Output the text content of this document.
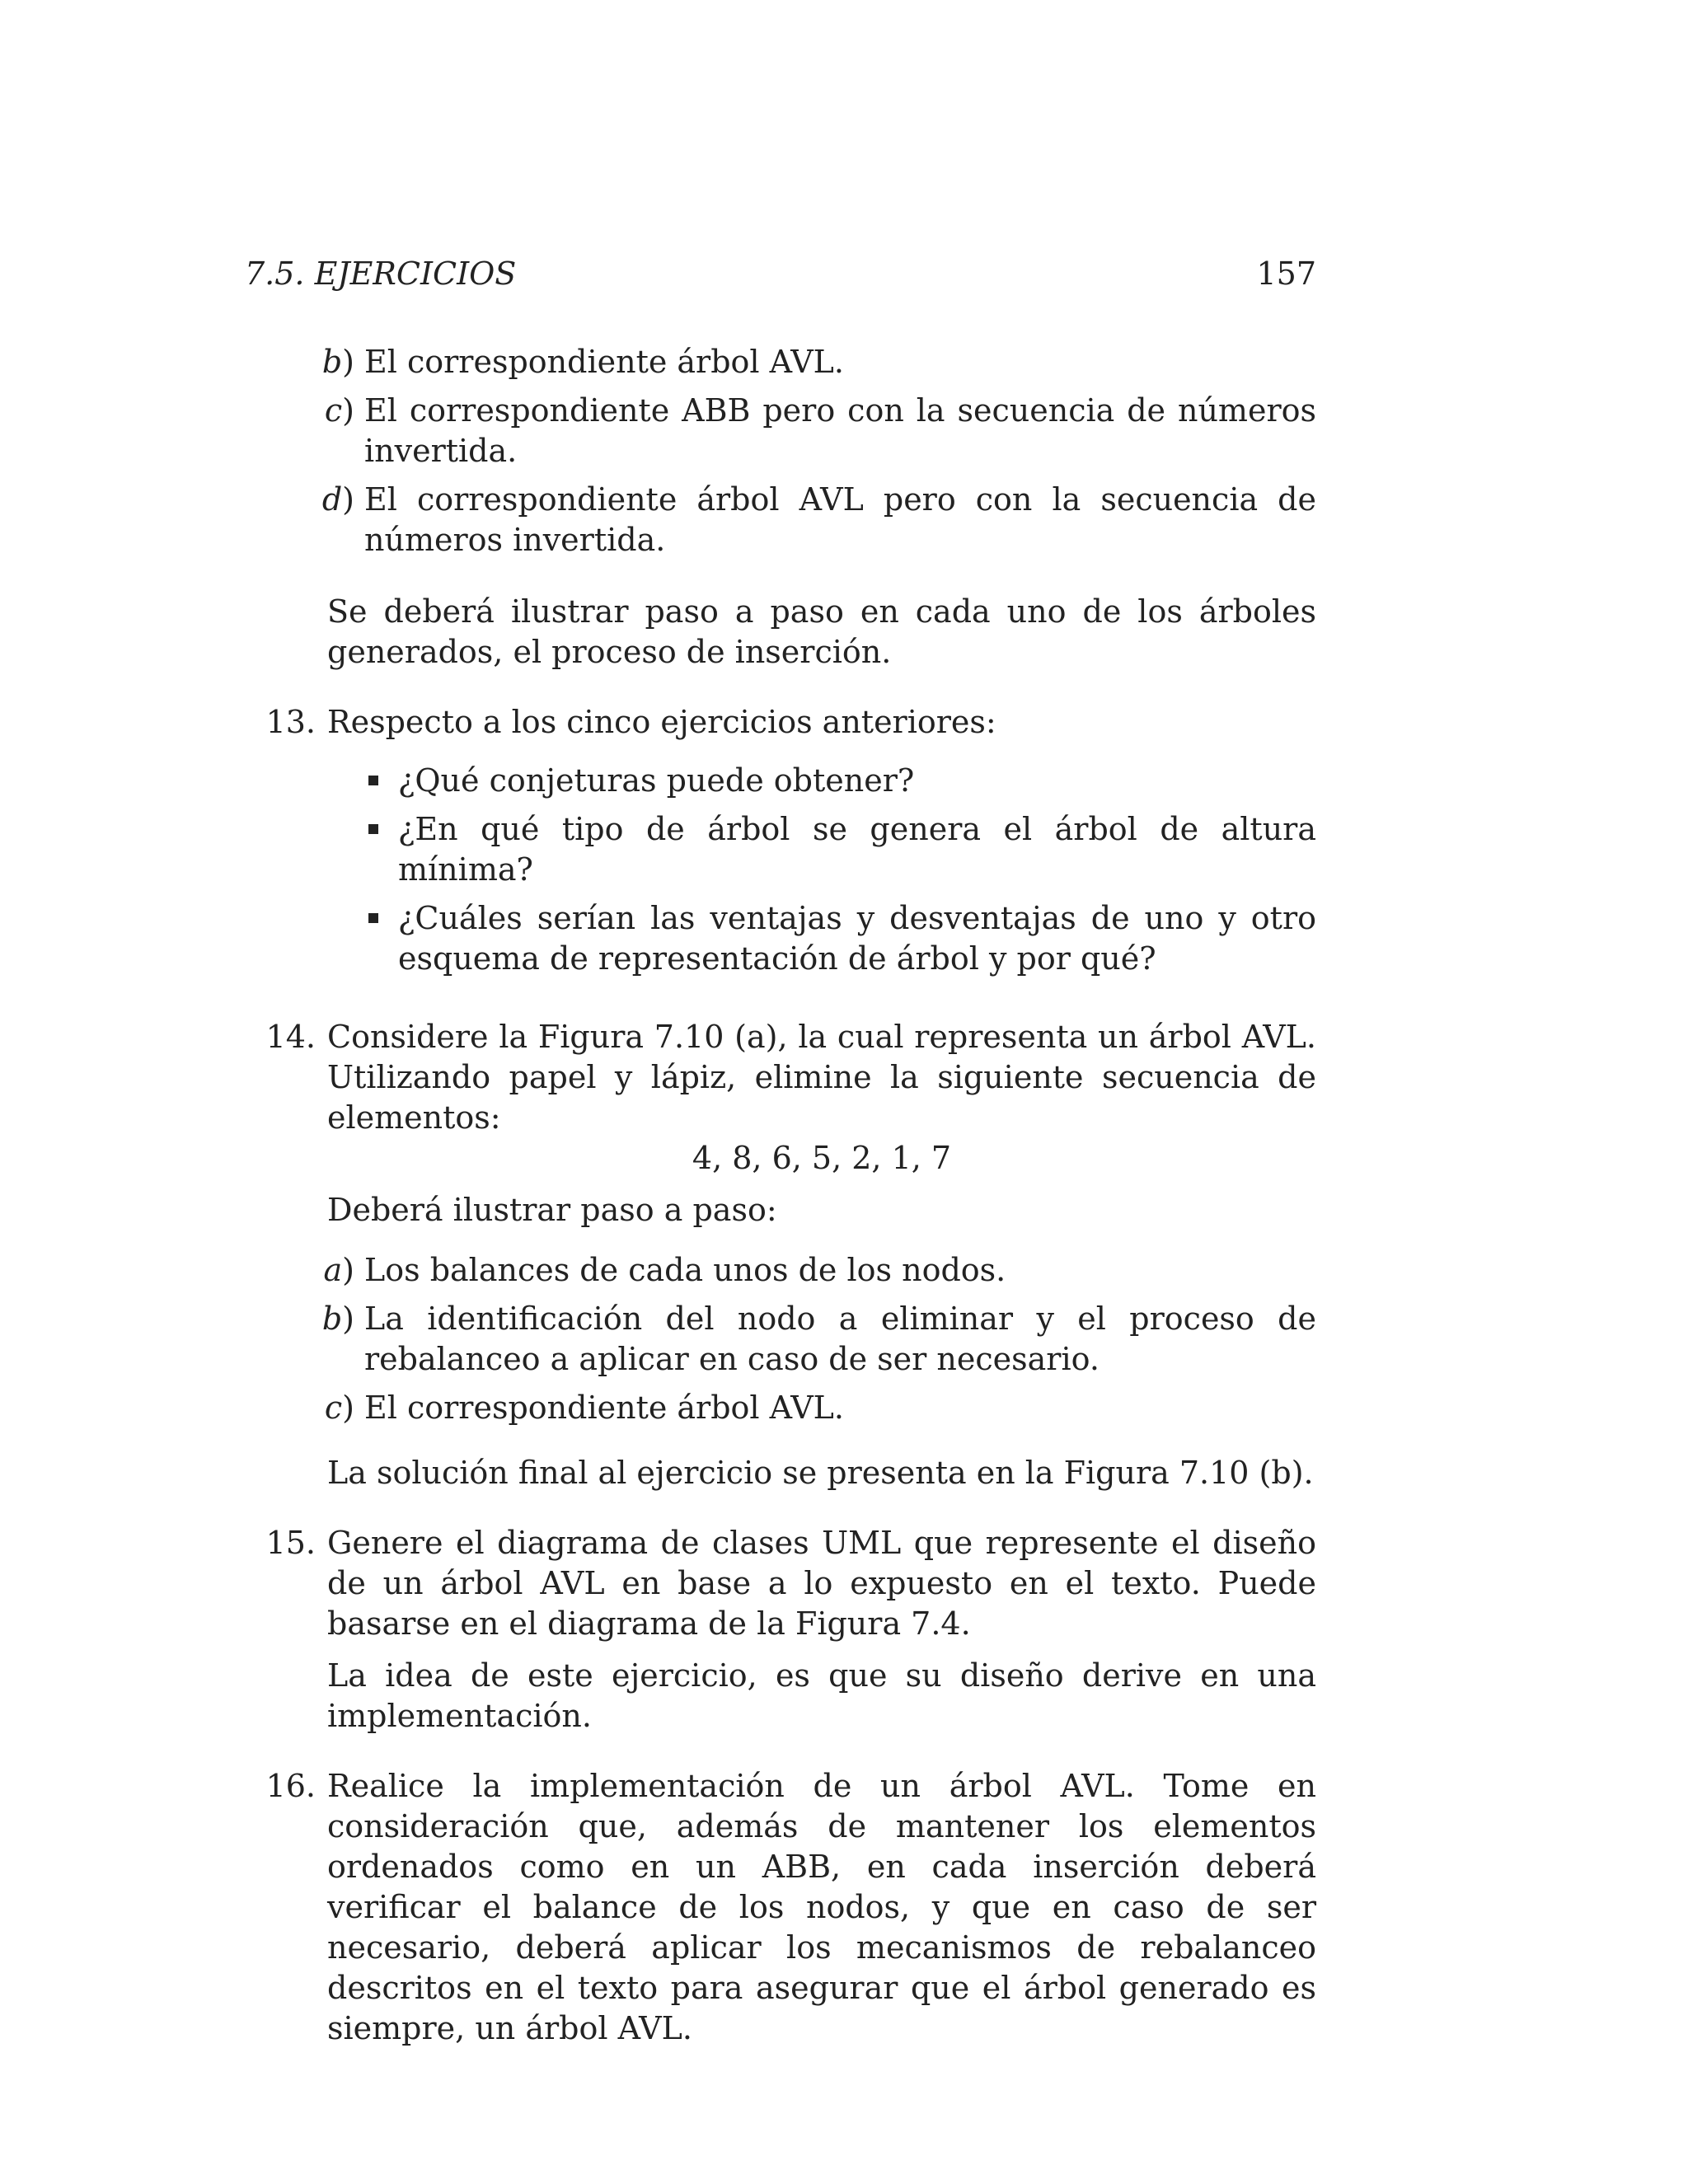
7.5. EJERCICIOS	157
b) El correspondiente árbol AVL.
c) El correspondiente ABB pero con la secuencia de números invertida.
d) El correspondiente árbol AVL pero con la secuencia de números invertida.
Se deberá ilustrar paso a paso en cada uno de los árboles generados, el proceso de inserción.
13. Respecto a los cinco ejercicios anteriores:
¿Qué conjeturas puede obtener?
¿En qué tipo de árbol se genera el árbol de altura mínima?
¿Cuáles serían las ventajas y desventajas de uno y otro esquema de representación de árbol y por qué?
14. Considere la Figura 7.10 (a), la cual representa un árbol AVL. Utilizando papel y lápiz, elimine la siguiente secuencia de elementos:
4, 8, 6, 5, 2, 1, 7
Deberá ilustrar paso a paso:
a) Los balances de cada unos de los nodos.
b) La identificación del nodo a eliminar y el proceso de rebalanceo a aplicar en caso de ser necesario.
c) El correspondiente árbol AVL.
La solución final al ejercicio se presenta en la Figura 7.10 (b).
15. Genere el diagrama de clases UML que represente el diseño de un árbol AVL en base a lo expuesto en el texto. Puede basarse en el diagrama de la Figura 7.4.
La idea de este ejercicio, es que su diseño derive en una implementación.
16. Realice la implementación de un árbol AVL. Tome en consideración que, además de mantener los elementos ordenados como en un ABB, en cada inserción deberá verificar el balance de los nodos, y que en caso de ser necesario, deberá aplicar los mecanismos de rebalanceo descritos en el texto para asegurar que el árbol generado es siempre, un árbol AVL.
